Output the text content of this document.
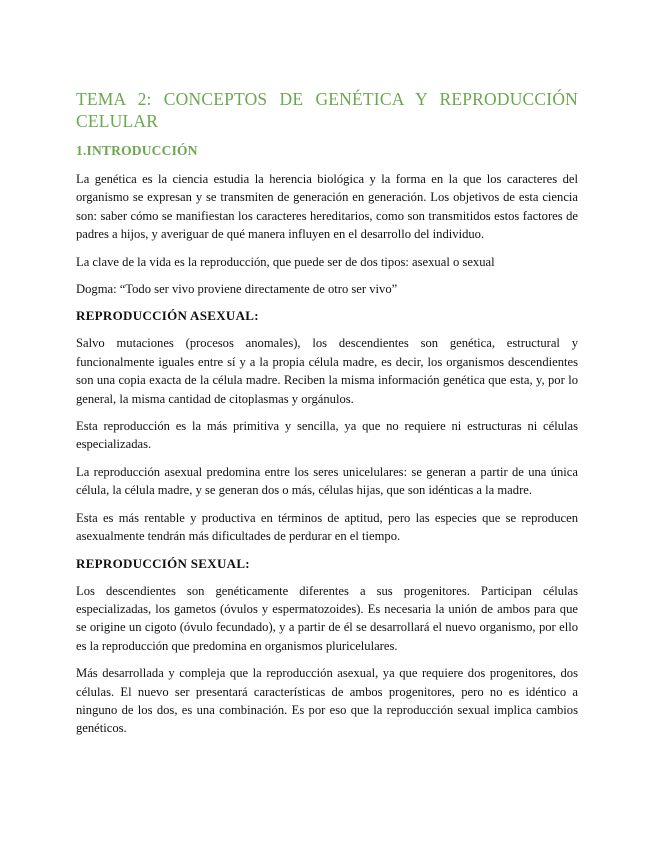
TEMA 2: CONCEPTOS DE GENÉTICA Y REPRODUCCIÓN CELULAR
1.INTRODUCCIÓN

La genética es la ciencia estudia la herencia biológica y la forma en la que los caracteres del organismo se expresan y se transmiten de generación en generación. Los objetivos de esta ciencia son: saber cómo se manifiestan los caracteres hereditarios, como son transmitidos estos factores de padres a hijos, y averiguar de qué manera influyen en el desarrollo del individuo.

La clave de la vida es la reproducción, que puede ser de dos tipos: asexual o sexual

Dogma: “Todo ser vivo proviene directamente de otro ser vivo”

REPRODUCCIÓN ASEXUAL:

Salvo mutaciones (procesos anomales), los descendientes son genética, estructural y funcionalmente iguales entre sí y a la propia célula madre, es decir, los organismos descendientes son una copia exacta de la célula madre. Reciben la misma información genética que esta, y, por lo general, la misma cantidad de citoplasmas y orgánulos.

Esta reproducción es la más primitiva y sencilla, ya que no requiere ni estructuras ni células especializadas.

La reproducción asexual predomina entre los seres unicelulares: se generan a partir de una única célula, la célula madre, y se generan dos o más, células hijas, que son idénticas a la madre.

Esta es más rentable y productiva en términos de aptitud, pero las especies que se reproducen asexualmente tendrán más dificultades de perdurar en el tiempo.

REPRODUCCIÓN SEXUAL:

Los descendientes son genéticamente diferentes a sus progenitores. Participan células especializadas, los gametos (óvulos y espermatozoides). Es necesaria la unión de ambos para que se origine un cigoto (óvulo fecundado), y a partir de él se desarrollará el nuevo organismo, por ello es la reproducción que predomina en organismos pluricelulares.

Más desarrollada y compleja que la reproducción asexual, ya que requiere dos progenitores, dos células. El nuevo ser presentará características de ambos progenitores, pero no es idéntico a ninguno de los dos, es una combinación. Es por eso que la reproducción sexual implica cambios genéticos.
